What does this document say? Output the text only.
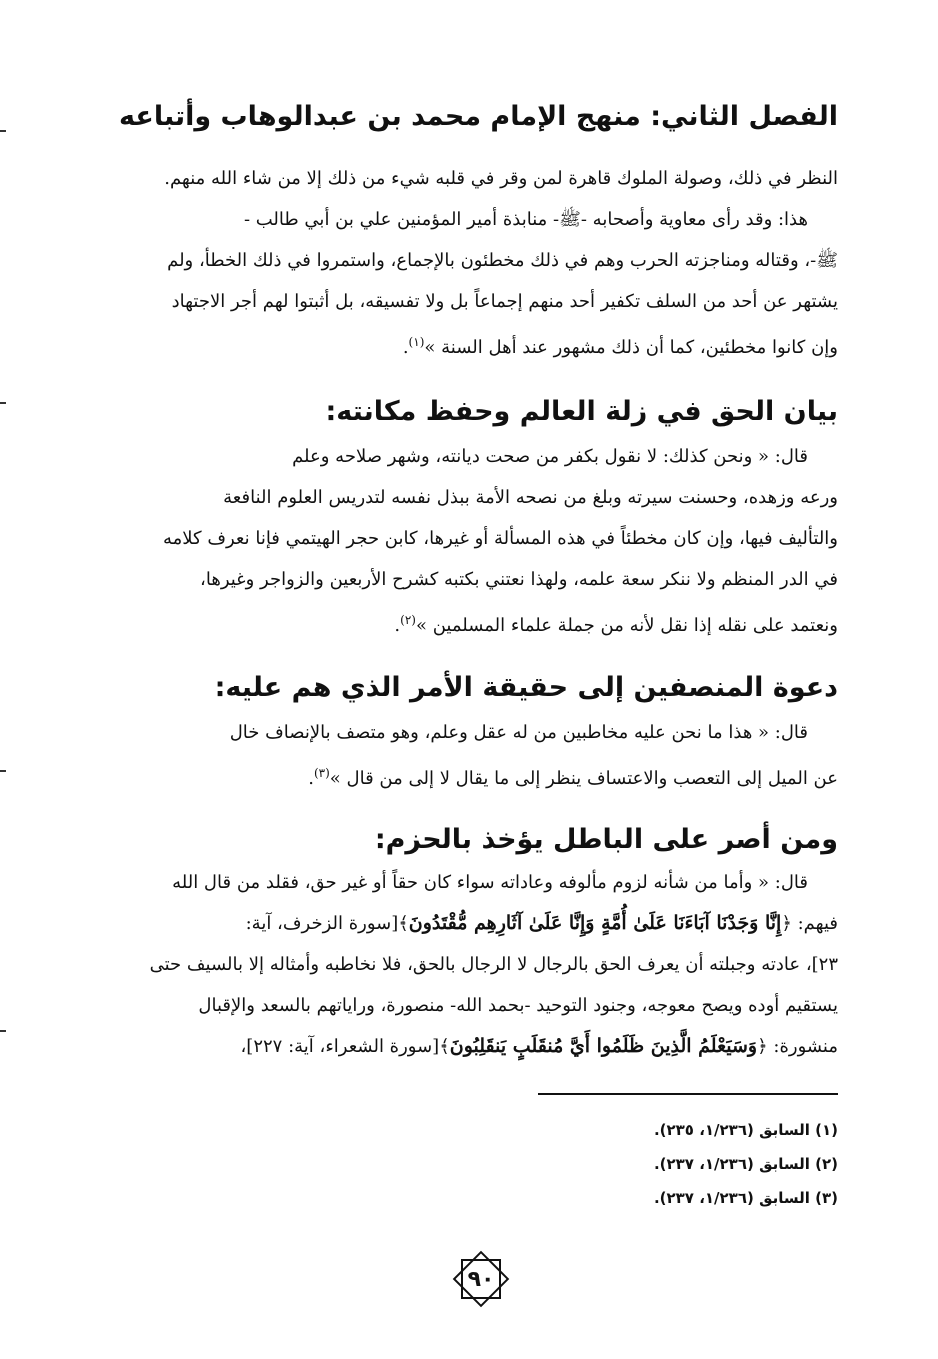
الفصل الثاني: منهج الإمام محمد بن عبدالوهاب وأتباعه

النظر في ذلك، وصولة الملوك قاهرة لمن وقر في قلبه شيء من ذلك إلا من شاء الله منهم.

هذا: وقد رأى معاوية وأصحابه -ﷺ- منابذة أمير المؤمنين علي بن أبي طالب -

ﷺ-، وقتاله ومناجزته الحرب وهم في ذلك مخطئون بالإجماع، واستمروا في ذلك الخطأ، ولم

يشتهر عن أحد من السلف تكفير أحد منهم إجماعاً بل ولا تفسيقه، بل أثبتوا لهم أجر الاجتهاد

وإن كانوا مخطئين، كما أن ذلك مشهور عند أهل السنة »$^{(١)}$.

بيان الحق في زلة العالم وحفظ مكانته:

قال: « ونحن كذلك: لا نقول بكفر من صحت ديانته، وشهر صلاحه وعلم

ورعه وزهده، وحسنت سيرته وبلغ من نصحه الأمة ببذل نفسه لتدريس العلوم النافعة

والتأليف فيها، وإن كان مخطئاً في هذه المسألة أو غيرها، كابن حجر الهيتمي فإنا نعرف كلامه

في الدر المنظم ولا ننكر سعة علمه، ولهذا نعتني بكتبه كشرح الأربعين والزواجر وغيرها،

ونعتمد على نقله إذا نقل لأنه من جملة علماء المسلمين »$^{(٢)}$.

دعوة المنصفين إلى حقيقة الأمر الذي هم عليه:

قال: « هذا ما نحن عليه مخاطبين من له عقل وعلم، وهو متصف بالإنصاف خال

عن الميل إلى التعصب والاعتساف ينظر إلى ما يقال لا إلى من قال »$^{(٣)}$.

ومن أصر على الباطل يؤخذ بالحزم:

قال: « وأما من شأنه لزوم مألوفه وعاداته سواء كان حقاً أو غير حق، فقلد من قال الله

فيهم: ﴿إِنَّا وَجَدْنَا آبَاءَنَا عَلَىٰ أُمَّةٍ وَإِنَّا عَلَىٰ آثَارِهِم مُّقْتَدُونَ﴾[سورة الزخرف، آية:

٢٣]، عادته وجبلته أن يعرف الحق بالرجال لا الرجال بالحق، فلا نخاطبه وأمثاله إلا بالسيف حتى

يستقيم أوده ويصح معوجه، وجنود التوحيد -بحمد الله- منصورة، وراياتهم بالسعد والإقبال

منشورة: ﴿وَسَيَعْلَمُ الَّذِينَ ظَلَمُوا أَيَّ مُنقَلَبٍ يَنقَلِبُونَ﴾[سورة الشعراء، آية: ٢٢٧]،

(١) السابق (١/٢٣٦، ٢٣٥).
(٢) السابق (١/٢٣٦، ٢٣٧).
(٣) السابق (١/٢٣٦، ٢٣٧).
٩٠
